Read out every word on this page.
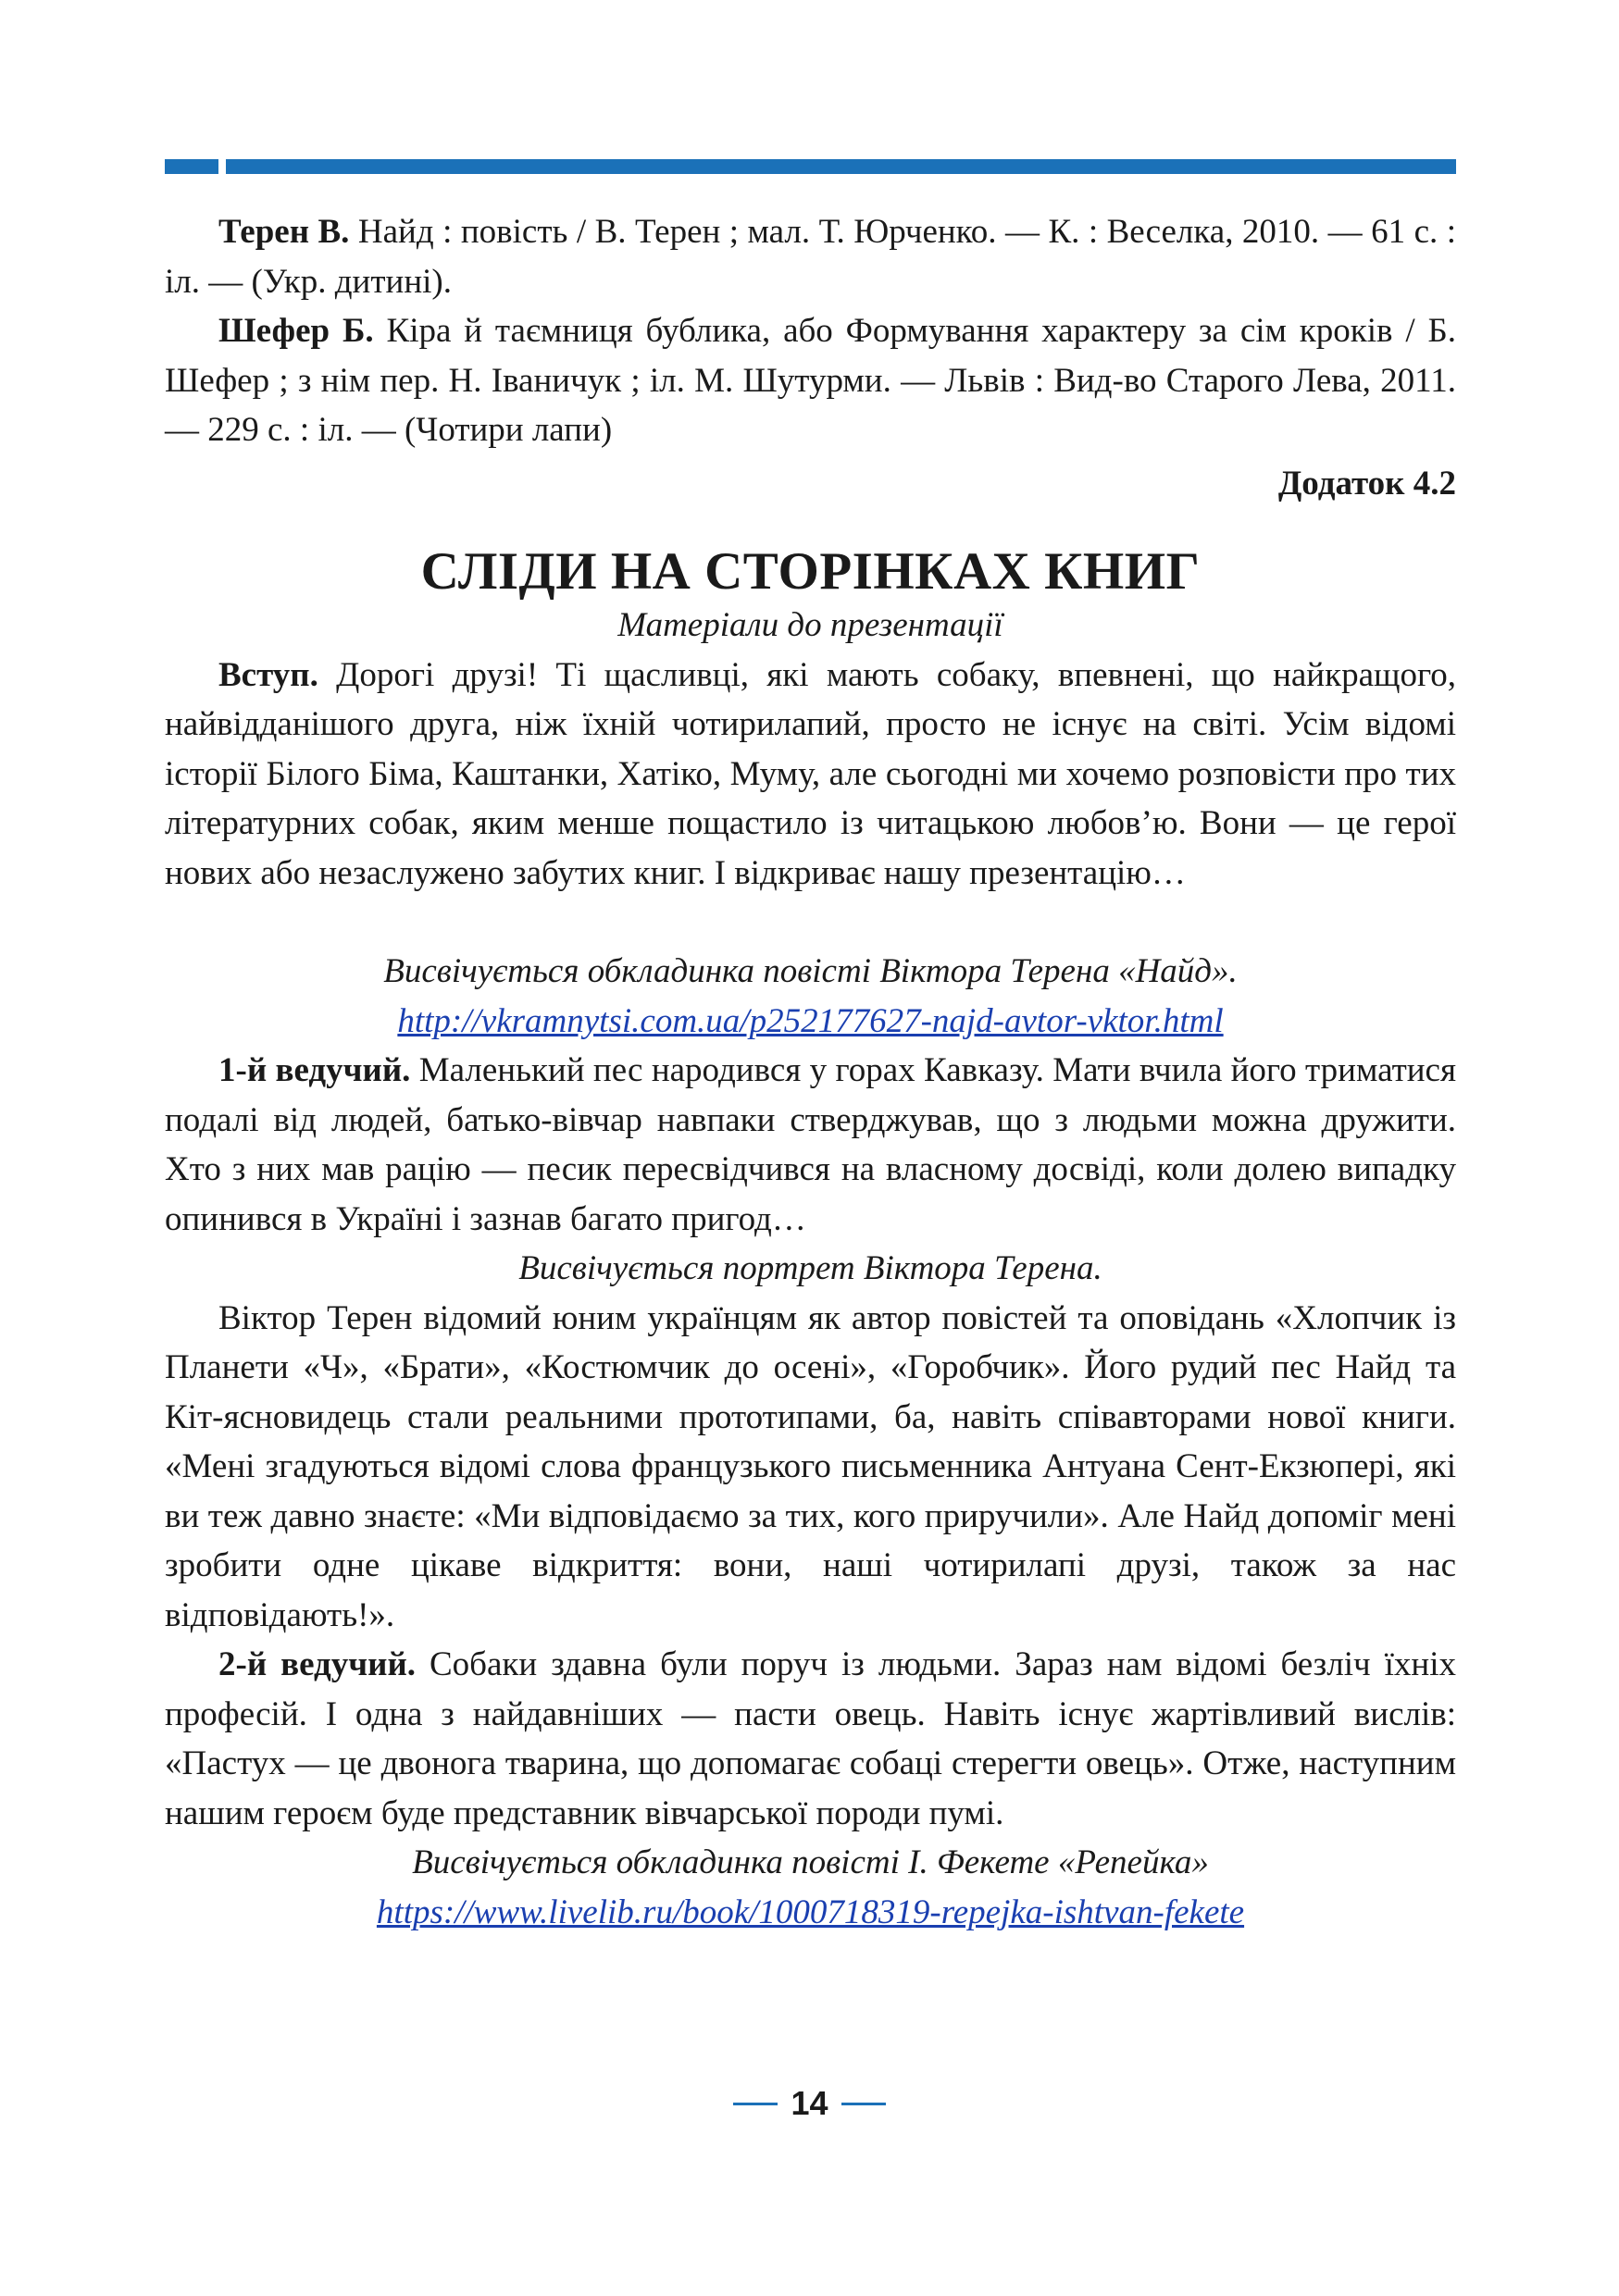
Терен В. Найд : повість / В. Терен ; мал. Т. Юрченко. — К. : Веселка, 2010. — 61 с. : іл. — (Укр. дитині).

Шефер Б. Кіра й таємниця бублика, або Формування характеру за сім кроків / Б. Шефер ; з нім пер. Н. Іваничук ; іл. М. Шутурми. — Львів : Вид-во Старого Лева, 2011. — 229 с. : іл. — (Чотири лапи)

Додаток 4.2

СЛІДИ НА СТОРІНКАХ КНИГ

Матеріали до презентації

Вступ. Дорогі друзі! Ті щасливці, які мають собаку, впевнені, що найкращого, найвідданішого друга, ніж їхній чотирилапий, просто не існує на світі. Усім відомі історії Білого Біма, Каштанки, Хатіко, Муму, але сьогодні ми хочемо розповісти про тих літературних собак, яким менше пощастило із читацькою любов’ю. Вони — це герої нових або незаслужено забутих книг. І відкриває нашу презентацію…

Висвічується обкладинка повісті Віктора Терена «Найд». http://vkramnytsi.com.ua/p252177627-najd-avtor-vktor.html

1-й ведучий. Маленький пес народився у горах Кавказу. Мати вчила його триматися подалі від людей, батько-вівчар навпаки стверджував, що з людьми можна дружити. Хто з них мав рацію — песик пересвідчився на власному досвіді, коли долею випадку опинився в Україні і зазнав багато пригод…

Висвічується портрет Віктора Терена.

Віктор Терен відомий юним українцям як автор повістей та оповідань «Хлопчик із Планети «Ч», «Брати», «Костюмчик до осені», «Горобчик». Його рудий пес Найд та Кіт-ясновидець стали реальними прототипами, ба, навіть співавторами нової книги. «Мені згадуються відомі слова французького письменника Антуана Сент-Екзюпері, які ви теж давно знаєте: «Ми відповідаємо за тих, кого приручили». Але Найд допоміг мені зробити одне цікаве відкриття: вони, наші чотирилапі друзі, також за нас відповідають!».

2-й ведучий. Собаки здавна були поруч із людьми. Зараз нам відомі безліч їхніх професій. І одна з найдавніших — пасти овець. Навіть існує жартівливий вислів: «Пастух — це двонога тварина, що допомагає собаці стерегти овець». Отже, наступним нашим героєм буде представник вівчарської породи пумі.

Висвічується обкладинка повісті І. Фекете «Репейка»
https://www.livelib.ru/book/1000718319-repejka-ishtvan-fekete

14
